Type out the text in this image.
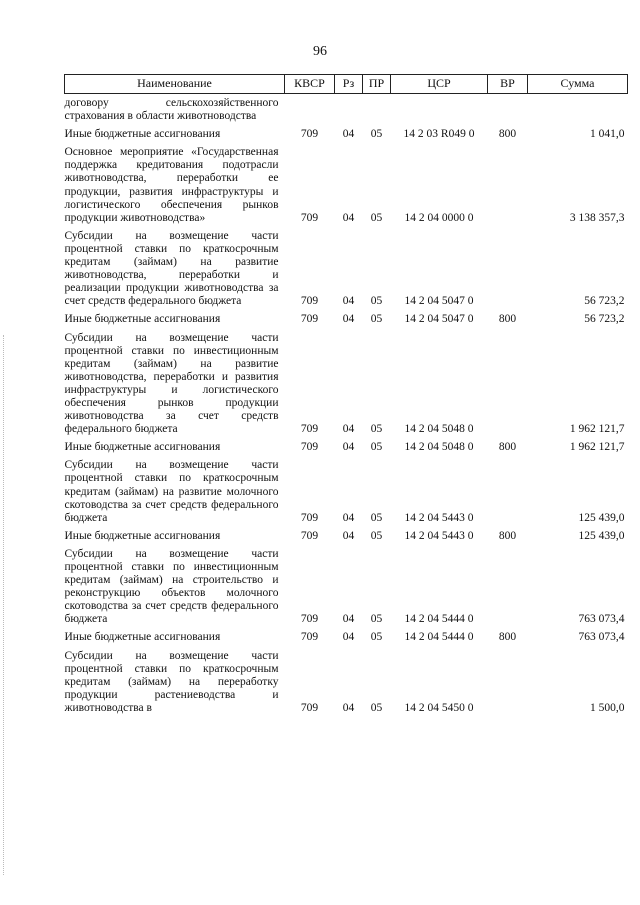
96
Наименование	КВСР	Рз	ПР	ЦСР	ВР	Сумма
договору сельскохозяйственного страхования в области животноводства						
Иные бюджетные ассигнования	709	04	05	14 2 03 R049 0	800	1 041,0
Основное мероприятие «Государственная поддержка кредитования подотрасли животноводства, переработки ее продукции, развития инфраструктуры и логистического обеспечения рынков продукции животноводства»	709	04	05	14 2 04 0000 0		3 138 357,3
Субсидии на возмещение части процентной ставки по краткосрочным кредитам (займам) на развитие животноводства, переработки и реализации продукции животноводства за счет средств федерального бюджета	709	04	05	14 2 04 5047 0		56 723,2
Иные бюджетные ассигнования	709	04	05	14 2 04 5047 0	800	56 723,2
Субсидии на возмещение части процентной ставки по инвестиционным кредитам (займам) на развитие животноводства, переработки и развития инфраструктуры и логистического обеспечения рынков продукции животноводства за счет средств федерального бюджета	709	04	05	14 2 04 5048 0		1 962 121,7
Иные бюджетные ассигнования	709	04	05	14 2 04 5048 0	800	1 962 121,7
Субсидии на возмещение части процентной ставки по краткосрочным кредитам (займам) на развитие молочного скотоводства за счет средств федерального бюджета	709	04	05	14 2 04 5443 0		125 439,0
Иные бюджетные ассигнования	709	04	05	14 2 04 5443 0	800	125 439,0
Субсидии на возмещение части процентной ставки по инвестиционным кредитам (займам) на строительство и реконструкцию объектов молочного скотоводства за счет средств федерального бюджета	709	04	05	14 2 04 5444 0		763 073,4
Иные бюджетные ассигнования	709	04	05	14 2 04 5444 0	800	763 073,4
Субсидии на возмещение части процентной ставки по краткосрочным кредитам (займам) на переработку продукции растениеводства и животноводства в	709	04	05	14 2 04 5450 0		1 500,0
